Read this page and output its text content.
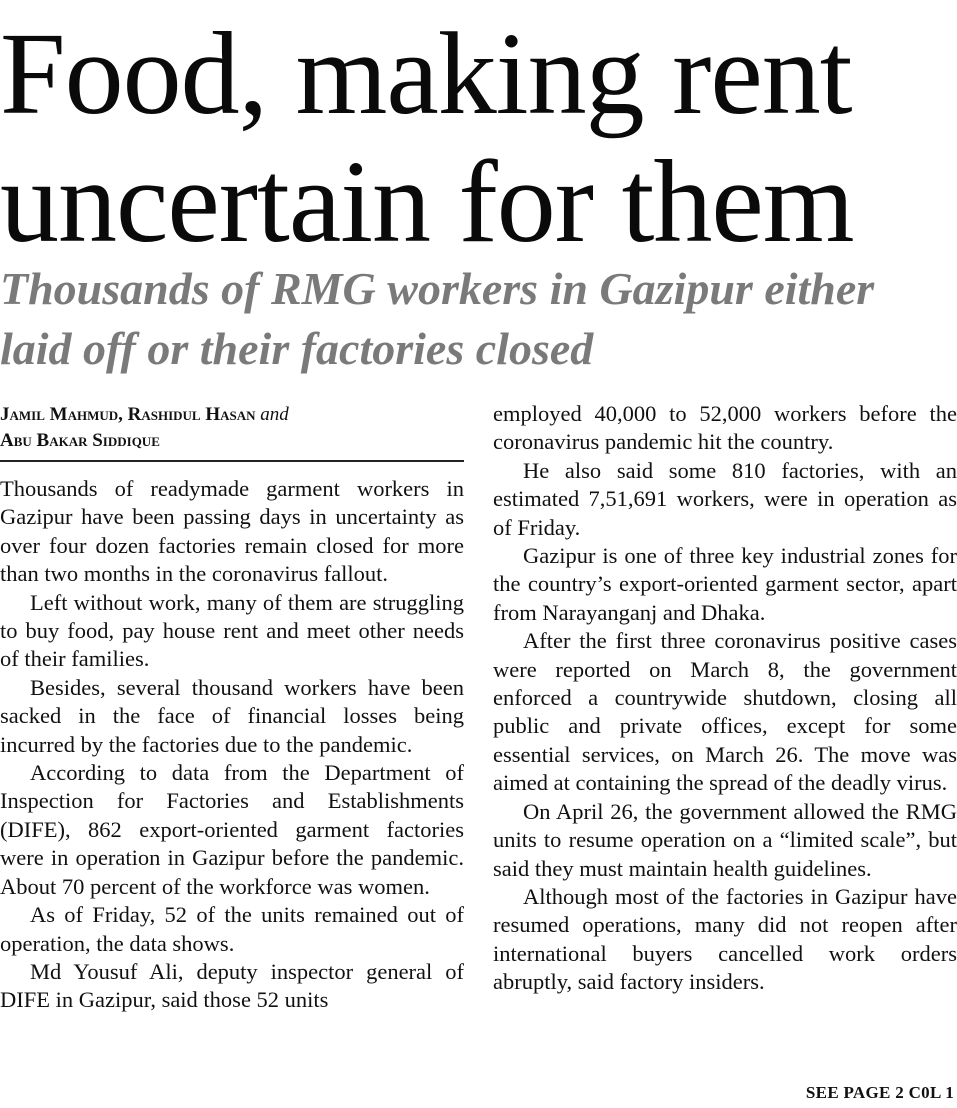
Food, making rent
uncertain for them
Thousands of RMG workers in Gazipur either
laid off or their factories closed
Jamil Mahmud, Rashidul Hasan and
Abu Bakar Siddique

Thousands of readymade garment workers in Gazipur have been passing days in uncertainty as over four dozen factories remain closed for more than two months in the coronavirus fallout.

Left without work, many of them are struggling to buy food, pay house rent and meet other needs of their families.

Besides, several thousand workers have been sacked in the face of financial losses being incurred by the factories due to the pandemic.

According to data from the Department of Inspection for Factories and Establishments (DIFE), 862 export-oriented garment factories were in operation in Gazipur before the pandemic. About 70 percent of the workforce was women.

As of Friday, 52 of the units remained out of operation, the data shows.

Md Yousuf Ali, deputy inspector general of DIFE in Gazipur, said those 52 units

employed 40,000 to 52,000 workers before the coronavirus pandemic hit the country.

He also said some 810 factories, with an estimated 7,51,691 workers, were in operation as of Friday.

Gazipur is one of three key industrial zones for the country’s export-oriented garment sector, apart from Narayanganj and Dhaka.

After the first three coronavirus positive cases were reported on March 8, the government enforced a countrywide shutdown, closing all public and private offices, except for some essential services, on March 26. The move was aimed at containing the spread of the deadly virus.

On April 26, the government allowed the RMG units to resume operation on a “limited scale”, but said they must maintain health guidelines.

Although most of the factories in Gazipur have resumed operations, many did not reopen after international buyers cancelled work orders abruptly, said factory insiders.

SEE PAGE 2 C0L 1
